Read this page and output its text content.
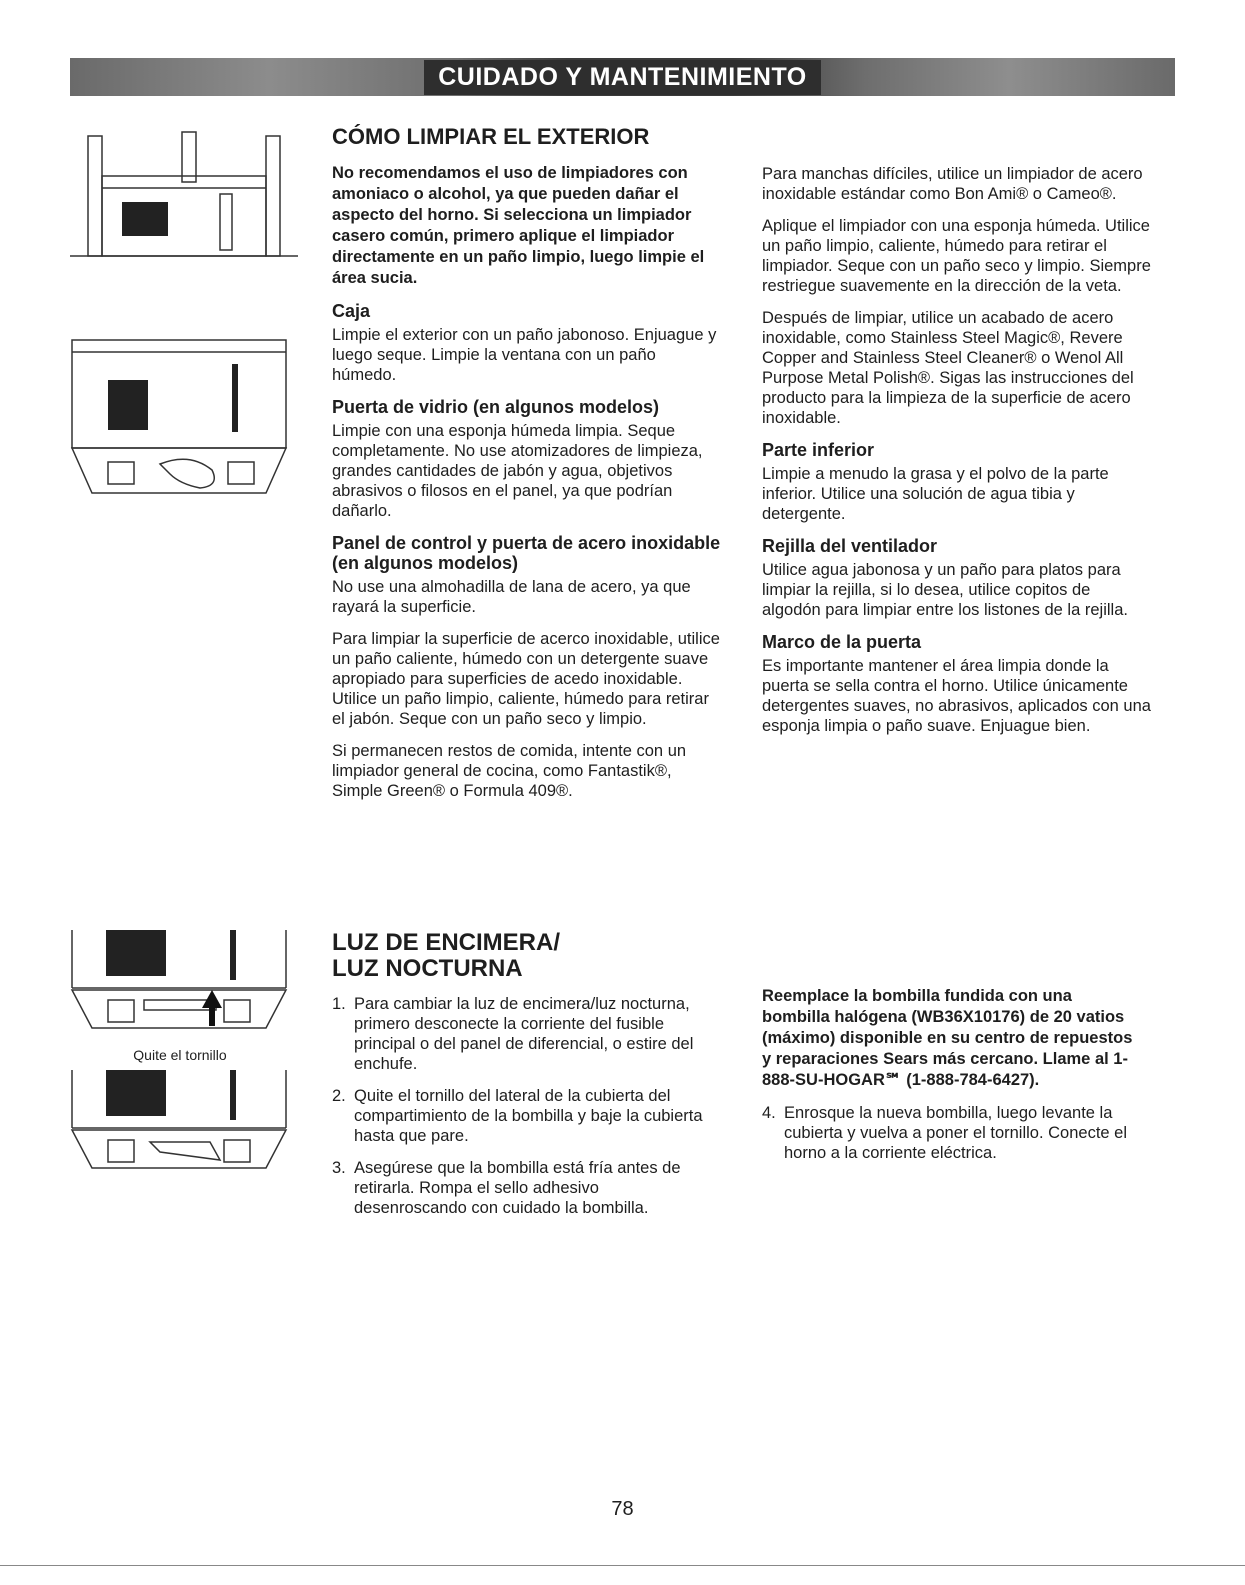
CUIDADO Y MANTENIMIENTO
Quite el tornillo
CÓMO LIMPIAR EL EXTERIOR

No recomendamos el uso de limpiadores con amoniaco o alcohol, ya que pueden dañar el aspecto del horno. Si selecciona un limpiador casero común, primero aplique el limpiador directamente en un paño limpio, luego limpie el área sucia.

Caja

Limpie el exterior con un paño jabonoso. Enjuague y luego seque. Limpie la ventana con un paño húmedo.

Puerta de vidrio (en algunos modelos)

Limpie con una esponja húmeda limpia. Seque completamente. No use atomizadores de limpieza, grandes cantidades de jabón y agua, objetivos abrasivos o filosos en el panel, ya que podrían dañarlo.

Panel de control y puerta de acero inoxidable (en algunos modelos)

No use una almohadilla de lana de acero, ya que rayará la superficie.

Para limpiar la superficie de acerco inoxidable, utilice un paño caliente, húmedo con un detergente suave apropiado para superficies de acedo inoxidable. Utilice un paño limpio, caliente, húmedo para retirar el jabón. Seque con un paño seco y limpio.

Si permanecen restos de comida, intente con un limpiador general de cocina, como Fantastik®, Simple Green® o Formula 409®.

Para manchas difíciles, utilice un limpiador de acero inoxidable estándar como Bon Ami® o Cameo®.

Aplique el limpiador con una esponja húmeda. Utilice un paño limpio, caliente, húmedo para retirar el limpiador. Seque con un paño seco y limpio. Siempre restriegue suavemente en la dirección de la veta.

Después de limpiar, utilice un acabado de acero inoxidable, como Stainless Steel Magic®, Revere Copper and Stainless Steel Cleaner® o Wenol All Purpose Metal Polish®. Sigas las instrucciones del producto para la limpieza de la superficie de acero inoxidable.

Parte inferior

Limpie a menudo la grasa y el polvo de la parte inferior. Utilice una solución de agua tibia y detergente.

Rejilla del ventilador

Utilice agua jabonosa y un paño para platos para limpiar la rejilla, si lo desea, utilice copitos de algodón para limpiar entre los listones de la rejilla.

Marco de la puerta

Es importante mantener el área limpia donde la puerta se sella contra el horno. Utilice únicamente detergentes suaves, no abrasivos, aplicados con una esponja limpia o paño suave. Enjuague bien.

LUZ DE ENCIMERA/
LUZ NOCTURNA
1. Para cambiar la luz de encimera/luz nocturna, primero desconecte la corriente del fusible principal o del panel de diferencial, o estire del enchufe.
2. Quite el tornillo del lateral de la cubierta del compartimiento de la bombilla y baje la cubierta hasta que pare.
3. Asegúrese que la bombilla está fría antes de retirarla. Rompa el sello adhesivo desenroscando con cuidado la bombilla.

Reemplace la bombilla fundida con una bombilla halógena (WB36X10176) de 20 vatios (máximo) disponible en su centro de repuestos y reparaciones Sears más cercano. Llame al 1-888-SU-HOGAR℠ (1-888-784-6427).

4. Enrosque la nueva bombilla, luego levante la cubierta y vuelva a poner el tornillo. Conecte el horno a la corriente eléctrica.
78
